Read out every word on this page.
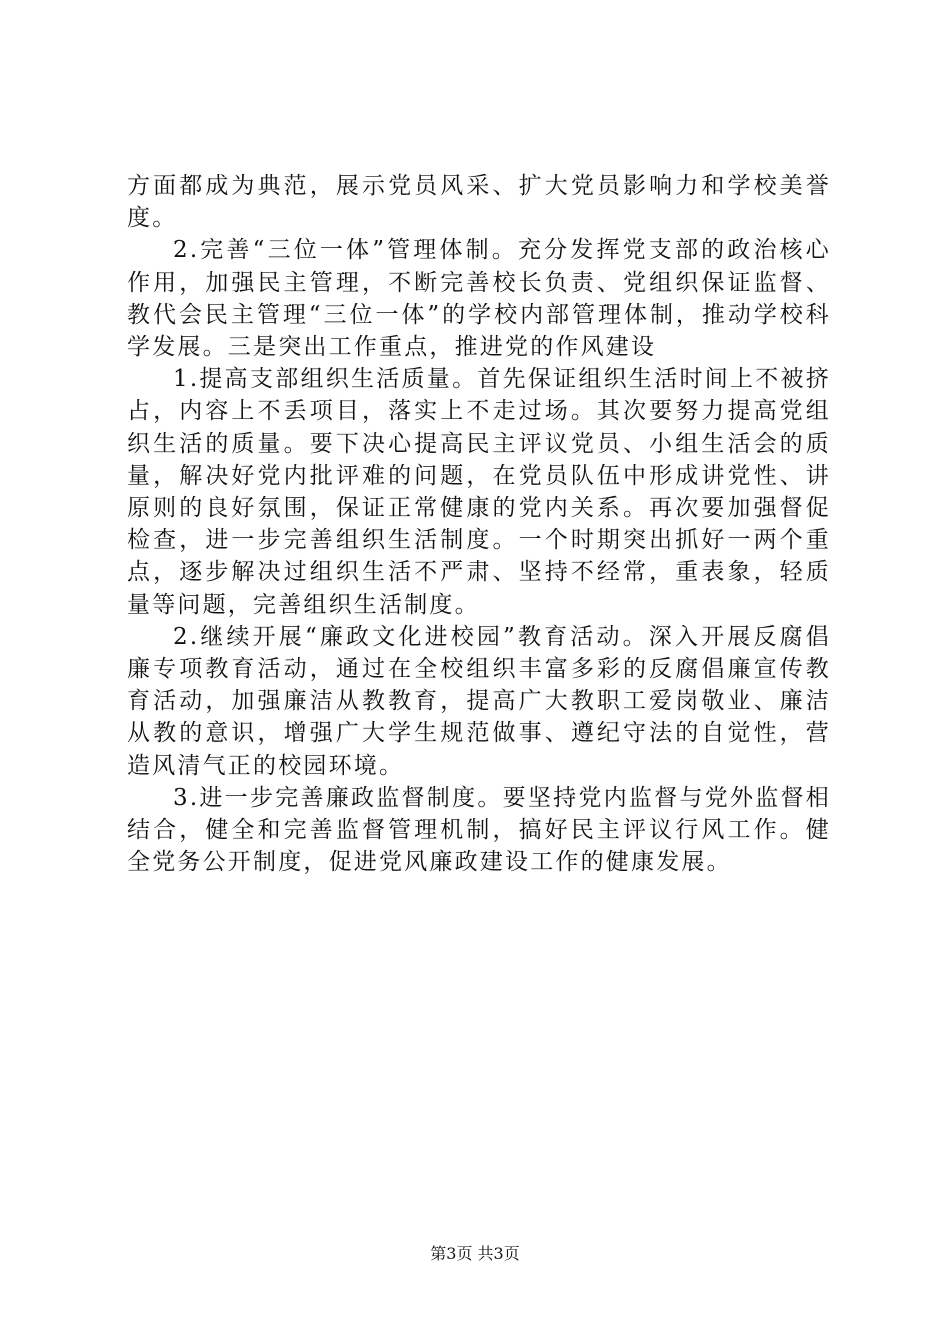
方面都成为典范，展示党员风采、扩大党员影响力和学校美誉度。

2.完善“三位一体”管理体制。充分发挥党支部的政治核心作用，加强民主管理，不断完善校长负责、党组织保证监督、教代会民主管理“三位一体”的学校内部管理体制，推动学校科学发展。三是突出工作重点，推进党的作风建设

1.提高支部组织生活质量。首先保证组织生活时间上不被挤占，内容上不丢项目，落实上不走过场。其次要努力提高党组织生活的质量。要下决心提高民主评议党员、小组生活会的质量，解决好党内批评难的问题，在党员队伍中形成讲党性、讲原则的良好氛围，保证正常健康的党内关系。再次要加强督促检查，进一步完善组织生活制度。一个时期突出抓好一两个重点，逐步解决过组织生活不严肃、坚持不经常，重表象，轻质量等问题，完善组织生活制度。

2.继续开展“廉政文化进校园”教育活动。深入开展反腐倡廉专项教育活动，通过在全校组织丰富多彩的反腐倡廉宣传教育活动，加强廉洁从教教育，提高广大教职工爱岗敬业、廉洁从教的意识，增强广大学生规范做事、遵纪守法的自觉性，营造风清气正的校园环境。

3.进一步完善廉政监督制度。要坚持党内监督与党外监督相结合，健全和完善监督管理机制，搞好民主评议行风工作。健全党务公开制度，促进党风廉政建设工作的健康发展。

第3页 共3页
